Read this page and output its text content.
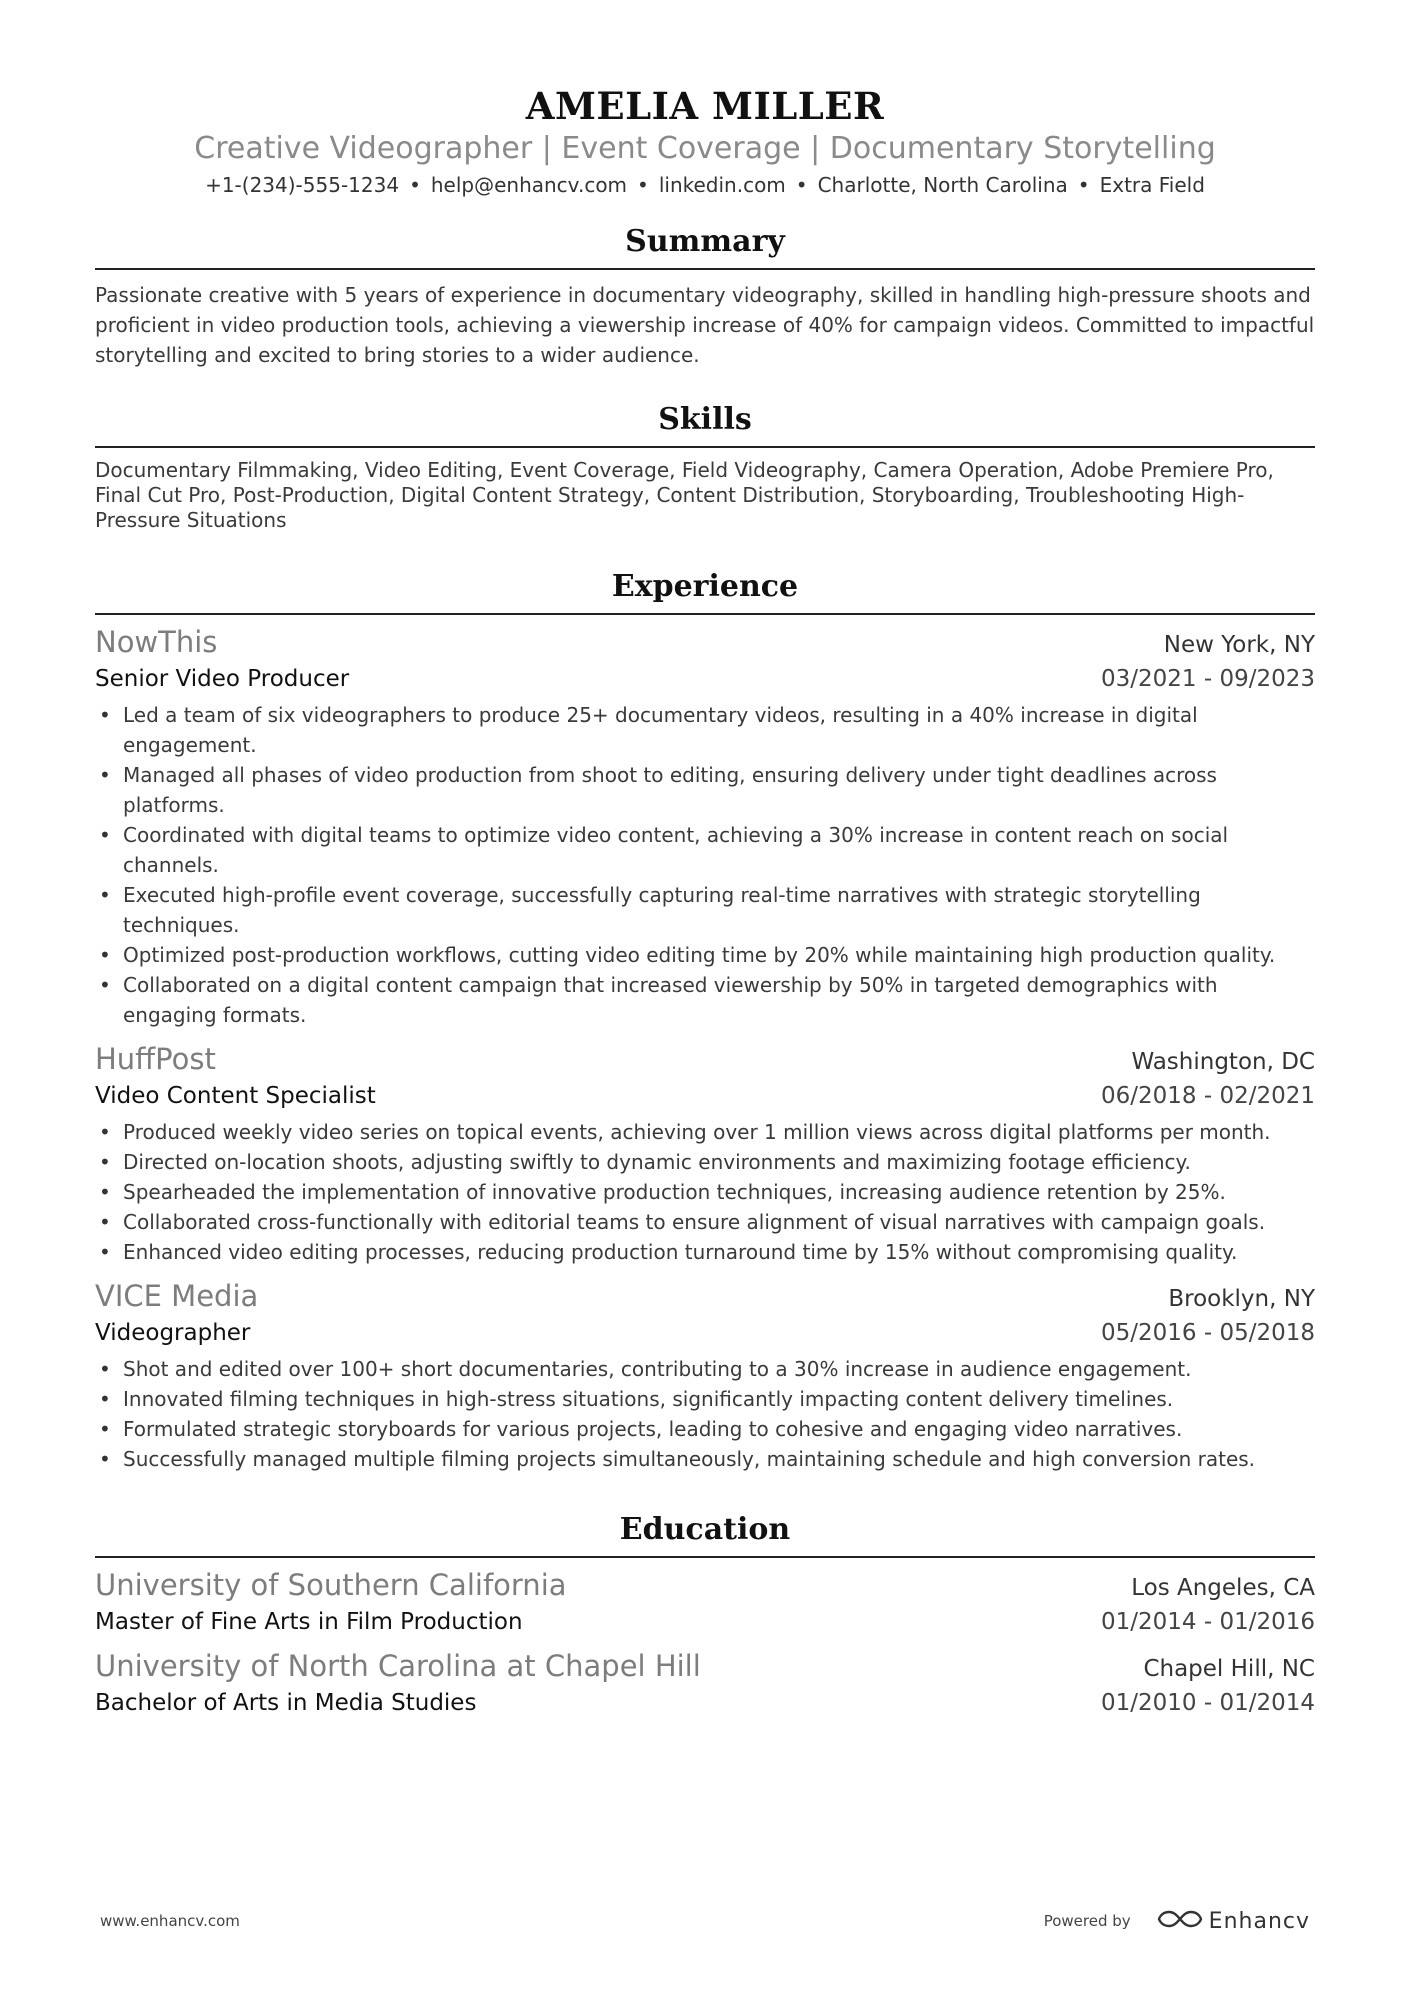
AMELIA MILLER
Creative Videographer | Event Coverage | Documentary Storytelling
+1-(234)-555-1234 • help@enhancv.com • linkedin.com • Charlotte, North Carolina • Extra Field
Summary
Passionate creative with 5 years of experience in documentary videography, skilled in handling high-pressure shoots and proficient in video production tools, achieving a viewership increase of 40% for campaign videos. Committed to impactful storytelling and excited to bring stories to a wider audience.
Skills
Documentary Filmmaking, Video Editing, Event Coverage, Field Videography, Camera Operation, Adobe Premiere Pro, Final Cut Pro, Post-Production, Digital Content Strategy, Content Distribution, Storyboarding, Troubleshooting High-Pressure Situations
Experience
NowThis	New York, NY
Senior Video Producer	03/2021 - 09/2023
• Led a team of six videographers to produce 25+ documentary videos, resulting in a 40% increase in digital engagement.
• Managed all phases of video production from shoot to editing, ensuring delivery under tight deadlines across platforms.
• Coordinated with digital teams to optimize video content, achieving a 30% increase in content reach on social channels.
• Executed high-profile event coverage, successfully capturing real-time narratives with strategic storytelling techniques.
• Optimized post-production workflows, cutting video editing time by 20% while maintaining high production quality.
• Collaborated on a digital content campaign that increased viewership by 50% in targeted demographics with engaging formats.
HuffPost	Washington, DC
Video Content Specialist	06/2018 - 02/2021
• Produced weekly video series on topical events, achieving over 1 million views across digital platforms per month.
• Directed on-location shoots, adjusting swiftly to dynamic environments and maximizing footage efficiency.
• Spearheaded the implementation of innovative production techniques, increasing audience retention by 25%.
• Collaborated cross-functionally with editorial teams to ensure alignment of visual narratives with campaign goals.
• Enhanced video editing processes, reducing production turnaround time by 15% without compromising quality.
VICE Media	Brooklyn, NY
Videographer	05/2016 - 05/2018
• Shot and edited over 100+ short documentaries, contributing to a 30% increase in audience engagement.
• Innovated filming techniques in high-stress situations, significantly impacting content delivery timelines.
• Formulated strategic storyboards for various projects, leading to cohesive and engaging video narratives.
• Successfully managed multiple filming projects simultaneously, maintaining schedule and high conversion rates.
Education
University of Southern California	Los Angeles, CA
Master of Fine Arts in Film Production	01/2014 - 01/2016
University of North Carolina at Chapel Hill	Chapel Hill, NC
Bachelor of Arts in Media Studies	01/2010 - 01/2014
www.enhancv.com	Powered by	Enhancv
